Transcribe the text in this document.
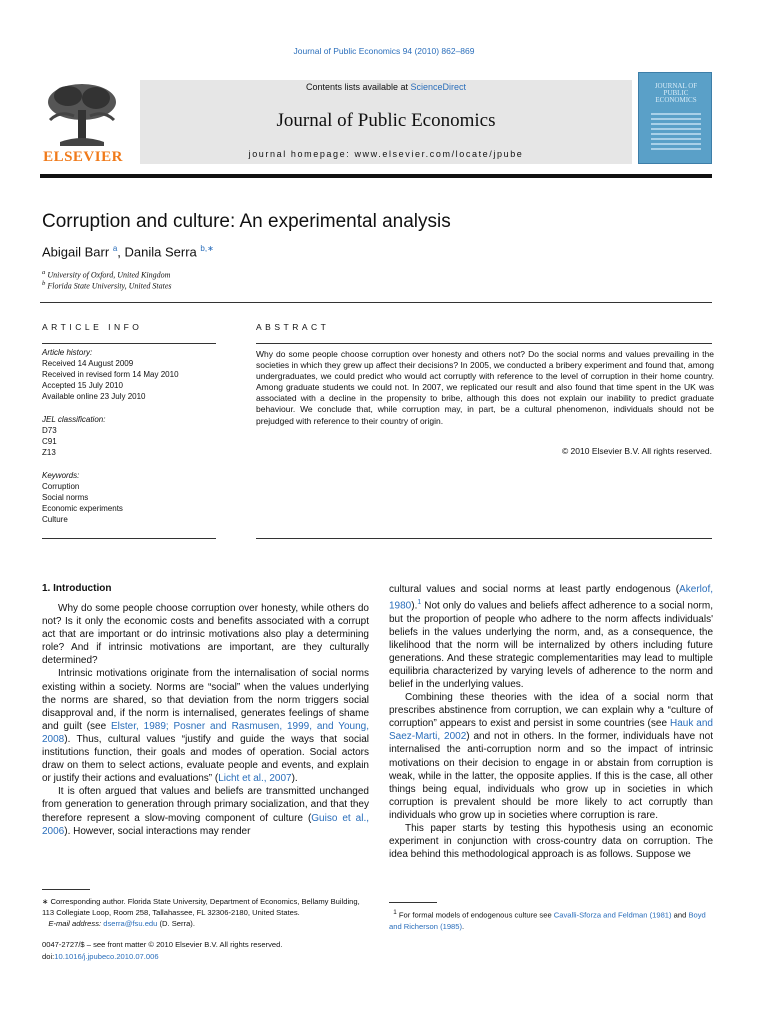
Journal of Public Economics 94 (2010) 862–869
ELSEVIER
Contents lists available at ScienceDirect
Journal of Public Economics
journal homepage: www.elsevier.com/locate/jpube
JOURNAL OF PUBLIC ECONOMICS
Corruption and culture: An experimental analysis
Abigail Barr $^a$, Danila Serra $^{b,∗}$
$^a$ University of Oxford, United Kingdom
$^b$ Florida State University, United States
ARTICLE INFO
Article history:
Received 14 August 2009
Received in revised form 14 May 2010
Accepted 15 July 2010
Available online 23 July 2010
JEL classification:
D73
C91
Z13
Keywords:
Corruption
Social norms
Economic experiments
Culture
ABSTRACT
Why do some people choose corruption over honesty and others not? Do the social norms and values prevailing in the societies in which they grew up affect their decisions? In 2005, we conducted a bribery experiment and found that, among undergraduates, we could predict who would act corruptly with reference to the level of corruption in their home country. Among graduate students we could not. In 2007, we replicated our result and also found that time spent in the UK was associated with a decline in the propensity to bribe, although this does not explain our inability to predict graduate behaviour. We conclude that, while corruption may, in part, be a cultural phenomenon, individuals should not be prejudged with reference to their country of origin.
© 2010 Elsevier B.V. All rights reserved.
1. Introduction

Why do some people choose corruption over honesty, while others do not? Is it only the economic costs and benefits associated with a corrupt act that are important or do intrinsic motivations also play a determining role? And if intrinsic motivations are important, are they culturally determined?

Intrinsic motivations originate from the internalisation of social norms existing within a society. Norms are “social” when the values underlying the norms are shared, so that deviation from the norm triggers social disapproval and, if the norm is internalised, generates feelings of shame and guilt (see Elster, 1989; Posner and Rasmusen, 1999, and Young, 2008). Thus, cultural values “justify and guide the ways that social institutions function, their goals and modes of operation. Social actors draw on them to select actions, evaluate people and events, and explain or justify their actions and evaluations” (Licht et al., 2007).

It is often argued that values and beliefs are transmitted unchanged from generation to generation through primary socialization, and that they therefore represent a slow-moving component of culture (Guiso et al., 2006). However, social interactions may render

cultural values and social norms at least partly endogenous (Akerlof, 1980).$^1$ Not only do values and beliefs affect adherence to a social norm, but the proportion of people who adhere to the norm affects individuals' beliefs in the values underlying the norm, and, as a consequence, the likelihood that the norm will be internalized by others including future generations. And these strategic complementarities may lead to multiple equilibria characterized by varying levels of adherence to the norm and belief in the underlying values.

Combining these theories with the idea of a social norm that prescribes abstinence from corruption, we can explain why a “culture of corruption” appears to exist and persist in some countries (see Hauk and Saez-Marti, 2002) and not in others. In the former, individuals have not internalised the anti-corruption norm and so the impact of intrinsic motivations on their decision to engage in or abstain from corruption is weak, while in the latter, the opposite applies. If this is the case, all other things being equal, individuals who grow up in societies in which corruption is prevalent should be more likely to act corruptly than individuals who grow up in societies where corruption is rare.

This paper starts by testing this hypothesis using an economic experiment in conjunction with cross-country data on corruption. The idea behind this methodological approach is as follows. Suppose we

∗ Corresponding author. Florida State University, Department of Economics, Bellamy Building, 113 Collegiate Loop, Room 258, Tallahassee, FL 32306-2180, United States.
E-mail address: dserra@fsu.edu (D. Serra).
$^1$ For formal models of endogenous culture see Cavalli-Sforza and Feldman (1981) and Boyd and Richerson (1985).
0047-2727/$ – see front matter © 2010 Elsevier B.V. All rights reserved.
doi:10.1016/j.jpubeco.2010.07.006
